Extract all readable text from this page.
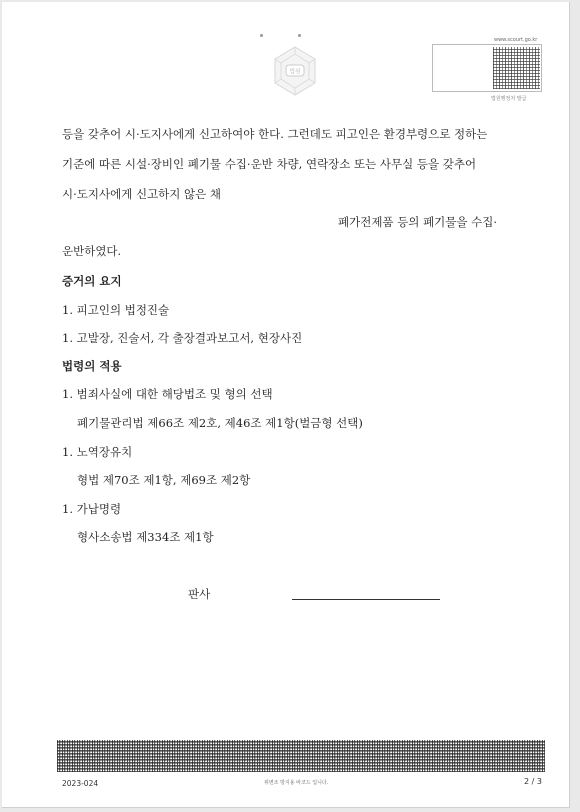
법원
www.scourt.go.kr
법원행정처 발급
등을 갖추어 시·도지사에게 신고하여야 한다. 그런데도 피고인은 환경부령으로 정하는
기준에 따른 시설·장비인 폐기물 수집·운반 차량, 연락장소 또는 사무실 등을 갖추어
시·도지사에게 신고하지 않은 채
폐가전제품 등의 폐기물을 수집·
운반하였다.
증거의 요지
1. 피고인의 법정진술
1. 고발장, 진술서, 각 출장결과보고서, 현장사진
법령의 적용
1. 범죄사실에 대한 해당법조 및 형의 선택
폐기물관리법 제66조 제2호, 제46조 제1항(벌금형 선택)
1. 노역장유치
형법 제70조 제1항, 제69조 제2항
1. 가납명령
형사소송법 제334조 제1항
판사
2023-024	위변조 방지용 바코드 입니다.	2 / 3
